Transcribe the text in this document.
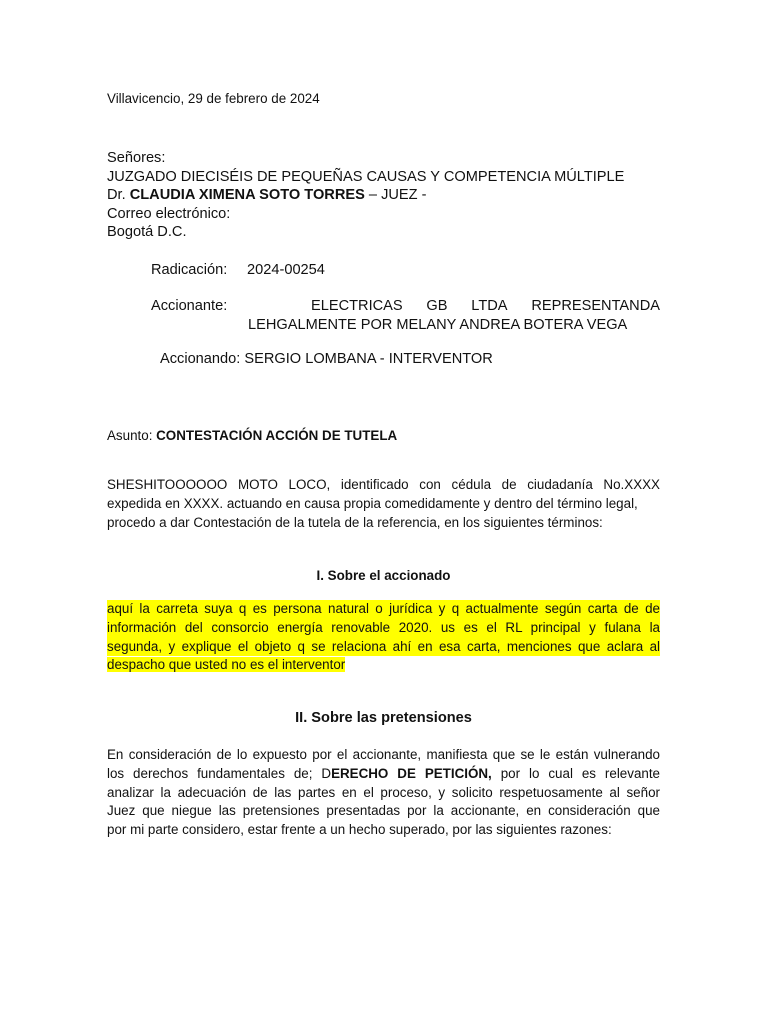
Villavicencio, 29 de febrero de 2024
Señores:
JUZGADO DIECISÉIS DE PEQUEÑAS CAUSAS Y COMPETENCIA MÚLTIPLE
Dr. CLAUDIA XIMENA SOTO TORRES – JUEZ -
Correo electrónico:
Bogotá D.C.
Radicación: 2024-00254
Accionante:	ELECTRICAS GB LTDA REPRESENTANDA
LEHGALMENTE POR MELANY ANDREA BOTERA VEGA
Accionando: SERGIO LOMBANA - INTERVENTOR
Asunto: CONTESTACIÓN ACCIÓN DE TUTELA
SHESHITOOOOOO MOTO LOCO, identificado con cédula de ciudadanía No.XXXX
expedida en XXXX. actuando en causa propia comedidamente y dentro del término legal,
procedo a dar Contestación de la tutela de la referencia, en los siguientes términos:
I. Sobre el accionado
aquí la carreta suya q es persona natural o jurídica y q actualmente según carta de de
información del consorcio energía renovable 2020. us es el RL principal y fulana la
segunda, y explique el objeto q se relaciona ahí en esa carta, menciones que aclara al
despacho que usted no es el interventor
II. Sobre las pretensiones
En consideración de lo expuesto por el accionante, manifiesta que se le están vulnerando
los derechos fundamentales de; DERECHO DE PETICIÓN, por lo cual es relevante
analizar la adecuación de las partes en el proceso, y solicito respetuosamente al señor
Juez que niegue las pretensiones presentadas por la accionante, en consideración que
por mi parte considero, estar frente a un hecho superado, por las siguientes razones:
